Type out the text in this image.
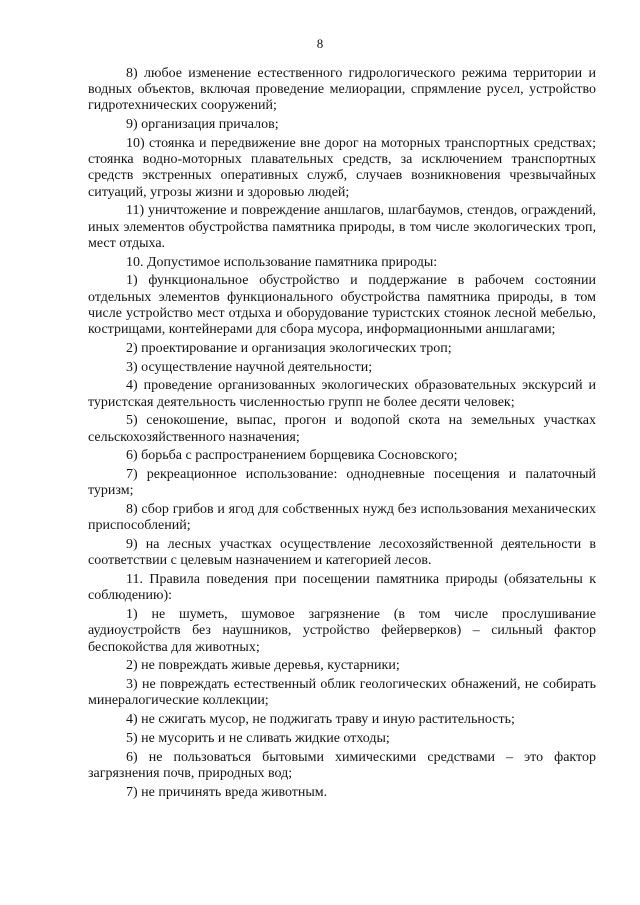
8

8) любое изменение естественного гидрологического режима территории и водных объектов, включая проведение мелиорации, спрямление русел, устройство гидротехнических сооружений;

9) организация причалов;

10) стоянка и передвижение вне дорог на моторных транспортных средствах; стоянка водно-моторных плавательных средств, за исключением транспортных средств экстренных оперативных служб, случаев возникновения чрезвычайных ситуаций, угрозы жизни и здоровью людей;

11) уничтожение и повреждение аншлагов, шлагбаумов, стендов, ограждений, иных элементов обустройства памятника природы, в том числе экологических троп, мест отдыха.

10. Допустимое использование памятника природы:

1) функциональное обустройство и поддержание в рабочем состоянии отдельных элементов функционального обустройства памятника природы, в том числе устройство мест отдыха и оборудование туристских стоянок лесной мебелью, кострищами, контейнерами для сбора мусора, информационными аншлагами;

2) проектирование и организация экологических троп;

3) осуществление научной деятельности;

4) проведение организованных экологических образовательных экскурсий и туристская деятельность численностью групп не более десяти человек;

5) сенокошение, выпас, прогон и водопой скота на земельных участках сельскохозяйственного назначения;

6) борьба с распространением борщевика Сосновского;

7) рекреационное использование: однодневные посещения и палаточный туризм;

8) сбор грибов и ягод для собственных нужд без использования механических приспособлений;

9) на лесных участках осуществление лесохозяйственной деятельности в соответствии с целевым назначением и категорией лесов.

11. Правила поведения при посещении памятника природы (обязательны к соблюдению):

1) не шуметь, шумовое загрязнение (в том числе прослушивание аудиоустройств без наушников, устройство фейерверков) – сильный фактор беспокойства для животных;

2) не повреждать живые деревья, кустарники;

3) не повреждать естественный облик геологических обнажений, не собирать минералогические коллекции;

4) не сжигать мусор, не поджигать траву и иную растительность;

5) не мусорить и не сливать жидкие отходы;

6) не пользоваться бытовыми химическими средствами – это фактор загрязнения почв, природных вод;

7) не причинять вреда животным.
